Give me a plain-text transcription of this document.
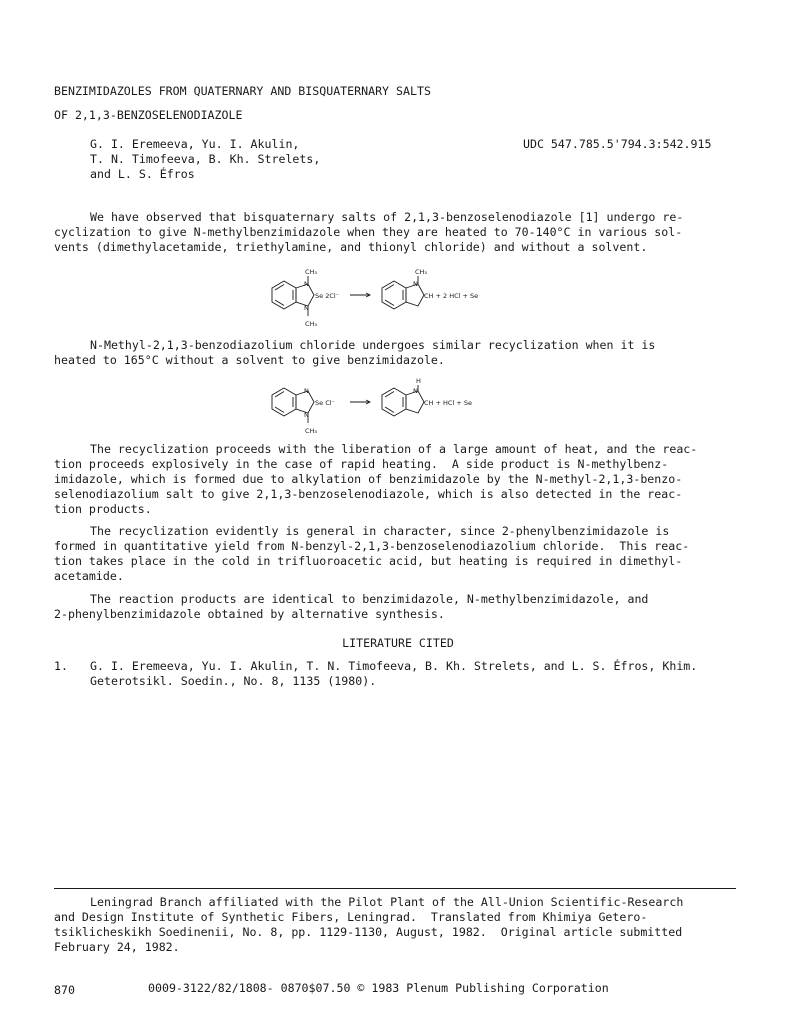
BENZIMIDAZOLES FROM QUATERNARY AND BISQUATERNARY SALTS
OF 2,1,3-BENZOSELENODIAZOLE
G. I. Eremeeva, Yu. I. Akulin,
T. N. Timofeeva, B. Kh. Strelets,
and L. S. Éfros
UDC 547.785.5'794.3:542.915
We have observed that bisquaternary salts of 2,1,3-benzoselenodiazole [1] undergo re-
cyclization to give N-methylbenzimidazole when they are heated to 70-140°C in various sol-
vents (dimethylacetamide, triethylamine, and thionyl chloride) and without a solvent.
CH₃
CH₃
N
N
Se 2Cl⁻
CH₃
N
CH + 2 HCl + Se
N-Methyl-2,1,3-benzodiazolium chloride undergoes similar recyclization when it is
heated to 165°C without a solvent to give benzimidazole.
N
N
Se Cl⁻
CH₃
H
N
CH + HCl + Se
The recyclization proceeds with the liberation of a large amount of heat, and the reac-
tion proceeds explosively in the case of rapid heating.  A side product is N-methylbenz-
imidazole, which is formed due to alkylation of benzimidazole by the N-methyl-2,1,3-benzo-
selenodiazolium salt to give 2,1,3-benzoselenodiazole, which is also detected in the reac-
tion products.
The recyclization evidently is general in character, since 2-phenylbenzimidazole is
formed in quantitative yield from N-benzyl-2,1,3-benzoselenodiazolium chloride.  This reac-
tion takes place in the cold in trifluoroacetic acid, but heating is required in dimethyl-
acetamide.
The reaction products are identical to benzimidazole, N-methylbenzimidazole, and
2-phenylbenzimidazole obtained by alternative synthesis.
LITERATURE CITED
1. G. I. Eremeeva, Yu. I. Akulin, T. N. Timofeeva, B. Kh. Strelets, and L. S. Éfros, Khim.
Geterotsikl. Soedin., No. 8, 1135 (1980).
Leningrad Branch affiliated with the Pilot Plant of the All-Union Scientific-Research
and Design Institute of Synthetic Fibers, Leningrad.  Translated from Khimiya Getero-
tsiklicheskikh Soedinenii, No. 8, pp. 1129-1130, August, 1982.  Original article submitted
February 24, 1982.
870	0009-3122/82/1808- 0870$07.50 © 1983 Plenum Publishing Corporation
